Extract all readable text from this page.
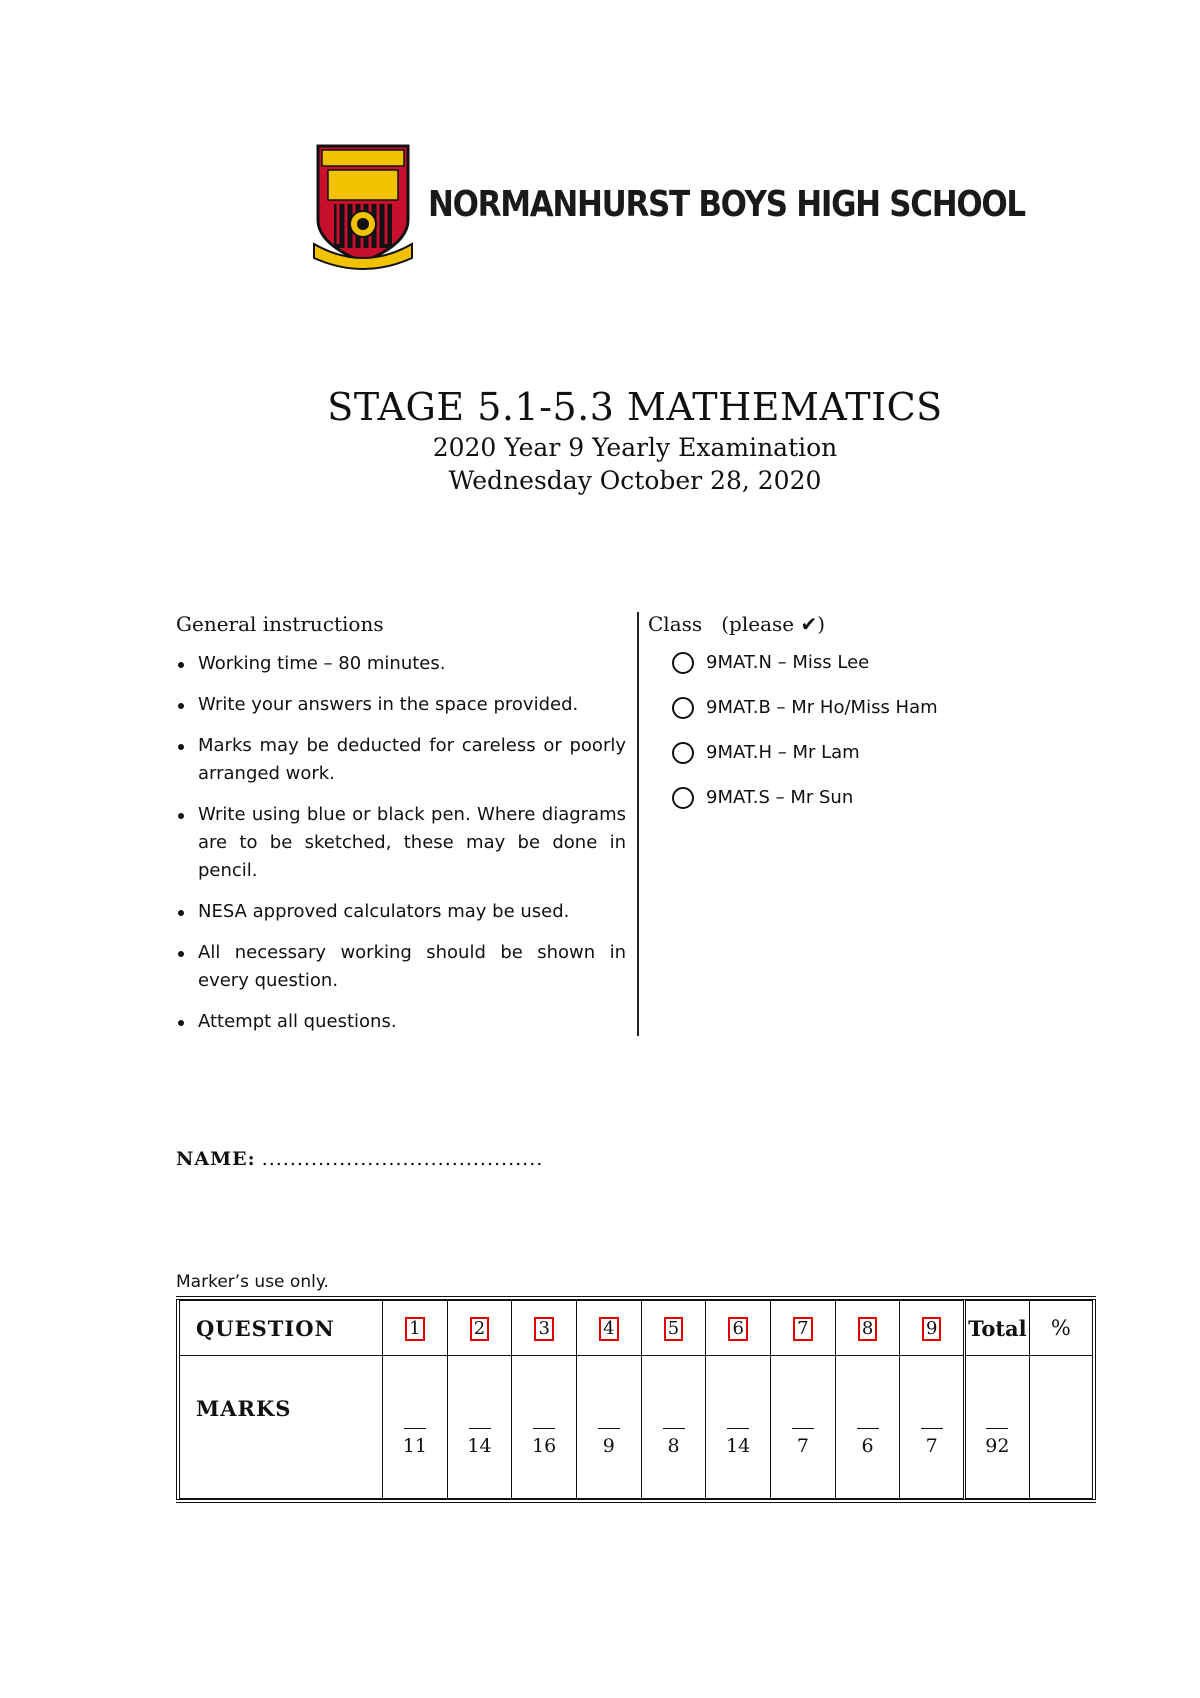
NORMANHURST BOYS HIGH SCHOOL
STAGE 5.1-5.3 MATHEMATICS
2020 Year 9 Yearly Examination
Wednesday October 28, 2020
General instructions
Working time – 80 minutes.
Write your answers in the space provided.
Marks may be deducted for careless or poorly arranged work.
Write using blue or black pen. Where diagrams are to be sketched, these may be done in pencil.
NESA approved calculators may be used.
All necessary working should be shown in every question.
Attempt all questions.
Class (please ✔)
9MAT.N – Miss Lee
9MAT.B – Mr Ho/Miss Ham
9MAT.H – Mr Lam
9MAT.S – Mr Sun
NAME: ........................................
Marker’s use only.
QUESTION	1	2	3	4	5	6	7	8	9	Total	%
MARKS	11	14	16	9	8	14	7	6	7	92	
